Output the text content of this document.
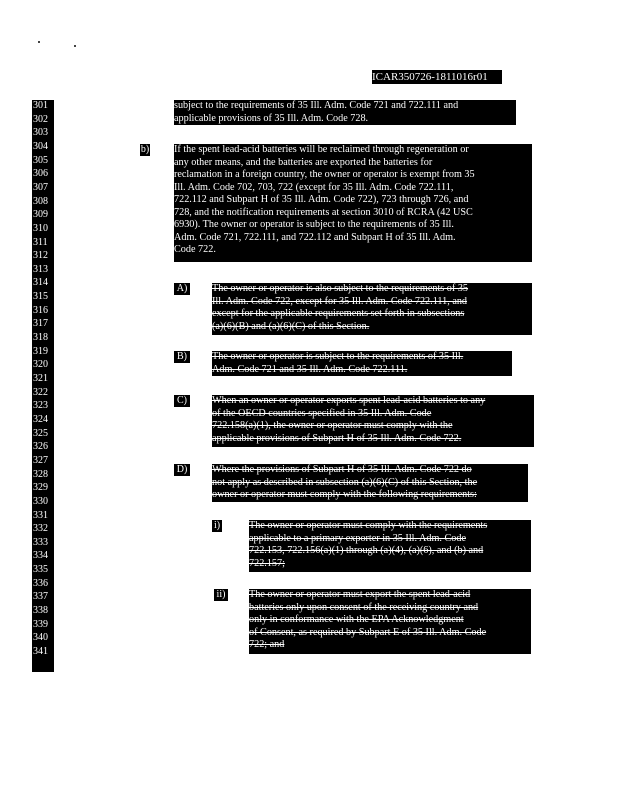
ICAR350726-1811016r01
301
302
303
304
305
306
307
308
309
310
311
312
313
314
315
316
317
318
319
320
321
322
323
324
325
326
327
328
329
330
331
332
333
334
335
336
337
338
339
340
341
subject to the requirements of 35 Ill. Adm. Code 721 and 722.111 and
applicable provisions of 35 Ill. Adm. Code 728.
b) If the spent lead-acid batteries will be reclaimed through regeneration or
any other means, and the batteries are exported the batteries for
reclamation in a foreign country, the owner or operator is exempt from 35
Ill. Adm. Code 702, 703, 722 (except for 35 Ill. Adm. Code 722.111,
722.112 and Subpart H of 35 Ill. Adm. Code 722), 723 through 726, and
728, and the notification requirements at section 3010 of RCRA (42 USC
6930). The owner or operator is subject to the requirements of 35 Ill.
Adm. Code 721, 722.111, and 722.112 and Subpart H of 35 Ill. Adm.
Code 722.
A) The owner or operator is also subject to the requirements of 35
Ill. Adm. Code 722, except for 35 Ill. Adm. Code 722.111, and
except for the applicable requirements set forth in subsections
(a)(6)(B) and (a)(6)(C) of this Section.
B) The owner or operator is subject to the requirements of 35 Ill.
Adm. Code 721 and 35 Ill. Adm. Code 722.111.
C) When an owner or operator exports spent lead-acid batteries to any
of the OECD countries specified in 35 Ill. Adm. Code
722.158(a)(1), the owner or operator must comply with the
applicable provisions of Subpart H of 35 Ill. Adm. Code 722.
D) Where the provisions of Subpart H of 35 Ill. Adm. Code 722 do
not apply as described in subsection (a)(6)(C) of this Section, the
owner or operator must comply with the following requirements:
i)	The owner or operator must comply with the requirements
applicable to a primary exporter in 35 Ill. Adm. Code
722.153, 722.156(a)(1) through (a)(4), (a)(6), and (b) and
722.157;
ii) The owner or operator must export the spent lead-acid
batteries only upon consent of the receiving country and
only in conformance with the EPA Acknowledgment
of Consent, as required by Subpart E of 35 Ill. Adm. Code
722; and
